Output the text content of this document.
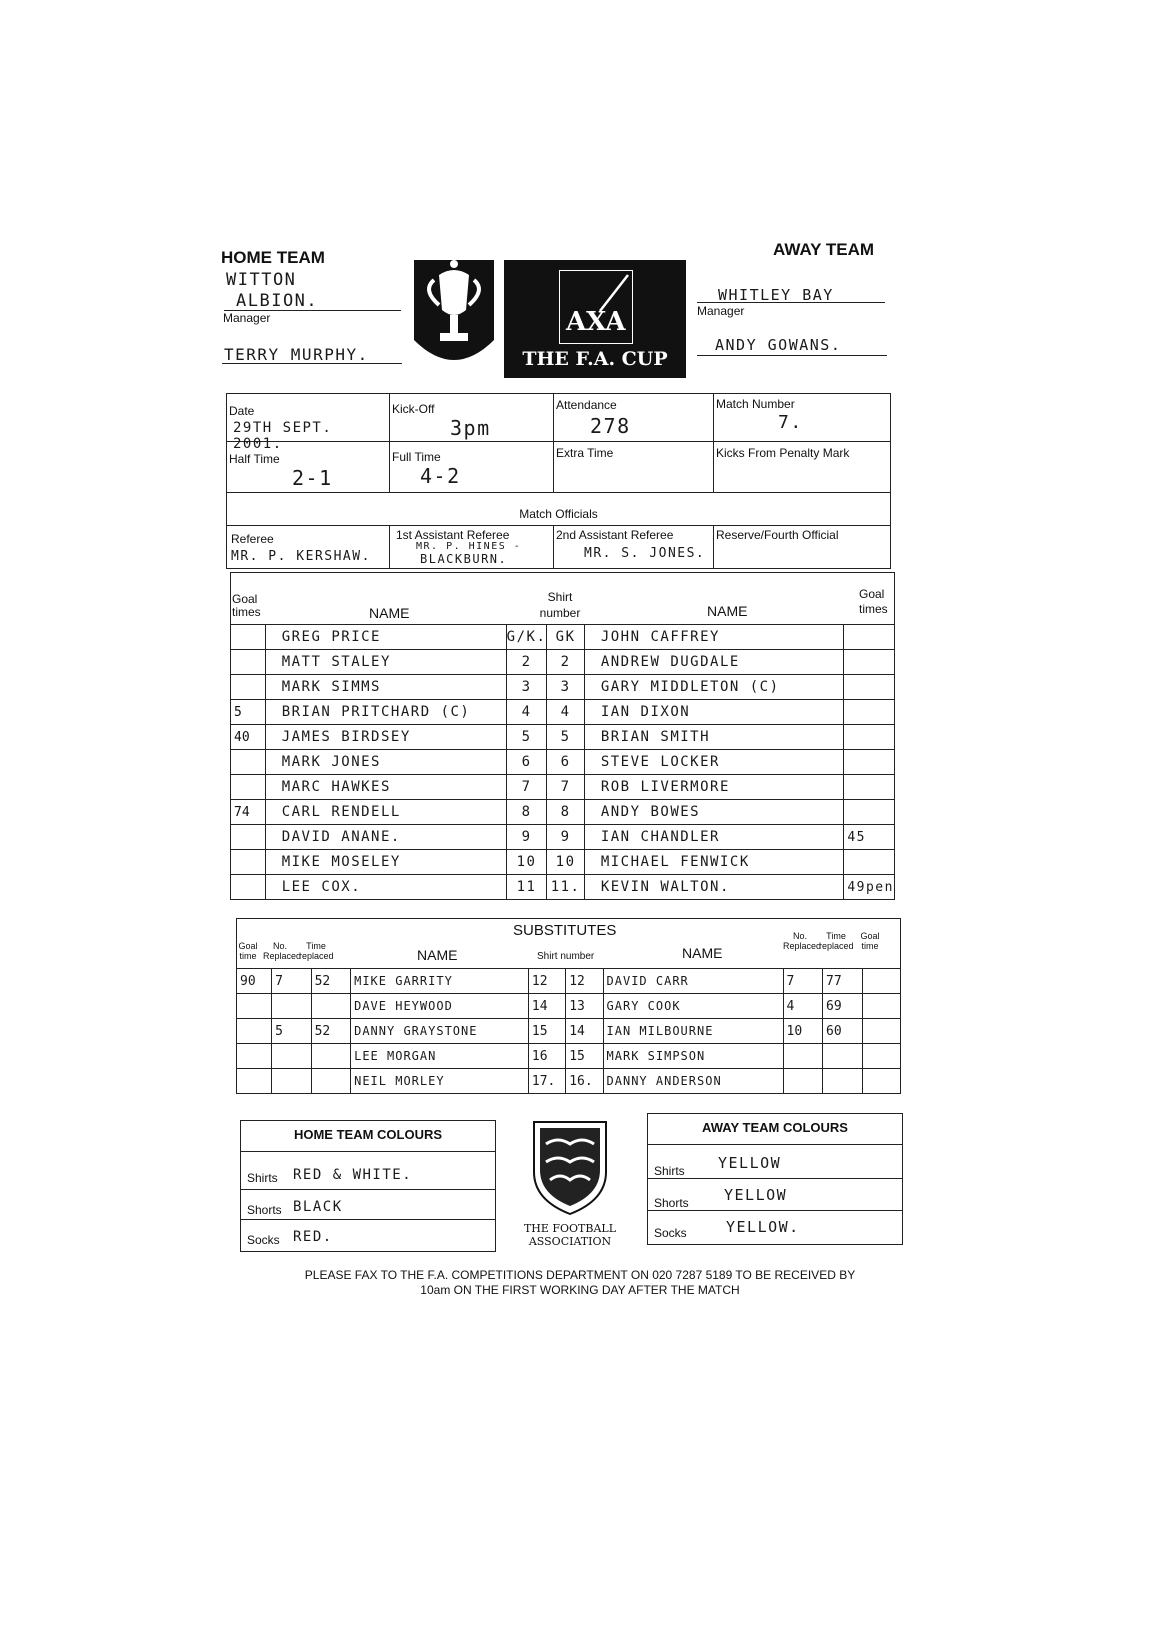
HOME TEAM
WITTON
ALBION.
Manager
TERRY MURPHY.
AXA
THE F.A. CUP
AWAY TEAM
WHITLEY BAY
Manager
ANDY GOWANS.
Date
29TH SEPT. 2001.
Kick-Off
3pm
Attendance
278
Match Number
7.
Half Time
2-1
Full Time
4-2
Extra Time	Kicks From Penalty Mark
Match Officials
Referee
MR. P. KERSHAW.
1st Assistant Referee
MR. P. HINES -
BLACKBURN.
2nd Assistant Referee
MR. S. JONES.
Reserve/Fourth Official
Goal times	NAME
Shirt number	NAME
Goal times
	GREG PRICE	G/K.	GK	JOHN CAFFREY	
	MATT STALEY	2	2	ANDREW DUGDALE	
	MARK SIMMS	3	3	GARY MIDDLETON (C)	
5	BRIAN PRITCHARD (C)	4	4	IAN DIXON	
40	JAMES BIRDSEY	5	5	BRIAN SMITH	
	MARK JONES	6	6	STEVE LOCKER	
	MARC HAWKES	7	7	ROB LIVERMORE	
74	CARL RENDELL	8	8	ANDY BOWES	
	DAVID ANANE.	9	9	IAN CHANDLER	45
	MIKE MOSELEY	10	10	MICHAEL FENWICK	
	LEE COX.	11	11.	KEVIN WALTON.	49pen
SUBSTITUTES
Goal time
No. Replaced
Time replaced	NAME	Shirt number	NAME
No. Replaced
Time replaced
Goal time
90	7	52	MIKE GARRITY	12	12	DAVID CARR	7	77	
			DAVE HEYWOOD	14	13	GARY COOK	4	69	
	5	52	DANNY GRAYSTONE	15	14	IAN MILBOURNE	10	60	
			LEE MORGAN	16	15	MARK SIMPSON			
			NEIL MORLEY	17.	16.	DANNY ANDERSON			
HOME TEAM COLOURS
Shirts RED & WHITE.
Shorts BLACK
Socks RED.
THE FOOTBALL
ASSOCIATION
AWAY TEAM COLOURS
Shirts YELLOW
Shorts YELLOW
Socks	YELLOW.
PLEASE FAX TO THE F.A. COMPETITIONS DEPARTMENT ON 020 7287 5189 TO BE RECEIVED BY
10am ON THE FIRST WORKING DAY AFTER THE MATCH
